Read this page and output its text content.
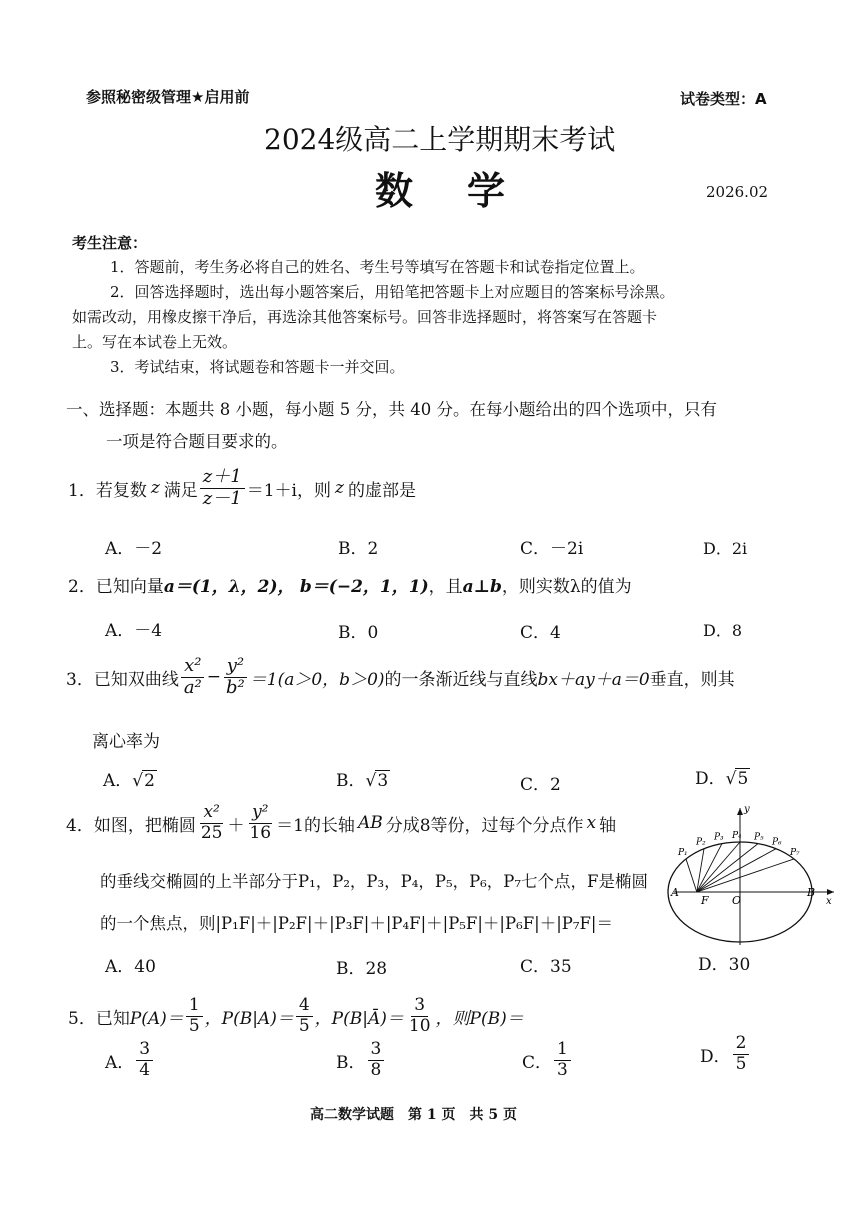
参照秘密级管理★启用前	试卷类型：A
2024级高二上学期期末考试
数　学	2026.02
考生注意：
1．答题前，考生务必将自己的姓名、考生号等填写在答题卡和试卷指定位置上。
2．回答选择题时，选出每小题答案后，用铅笔把答题卡上对应题目的答案标号涂黑。
如需改动，用橡皮擦干净后，再选涂其他答案标号。回答非选择题时，将答案写在答题卡
上。写在本试卷上无效。
3．考试结束，将试题卷和答题卡一并交回。
一、选择题：本题共 8 小题，每小题 5 分，共 40 分。在每小题给出的四个选项中，只有
一项是符合题目要求的。
1． 若复数 z 满足 $\frac{z+1}{z-1} =1+i$，则 z 的虚部是
A．－2	B．2	C．－2i	D．2i
2．已知向量a＝(1，λ，2)， b＝(−2，1，1)，且a⊥b，则实数λ的值为
A．－4	B．0	C．4	D．8
3．已知双曲线 $\frac{\text{x²}}{\text{a²}} - \frac{\text{y²}}{\text{b²}} =1(a>0$，b＞0) 的一条渐近线与直线 bx＋ay＋a＝0 垂直，则其
离心率为
A．√2	B．√3	C．2	D．√5
4．如图，把椭圆 $\frac{\text{x²}}{25} + \frac{\text{y²}}{16} =1$ 的长轴 AB 分成8等份，过每个分点作 x 轴
的垂线交椭圆的上半部分于P₁，P₂，P₃，P₄，P₅，P₆，P₇七个点，F是椭圆
的一个焦点，则|P₁F|＋|P₂F|＋|P₃F|＋|P₄F|＋|P₅F|＋|P₆F|＋|P₇F|＝
A．40	B．28	C．35	D．30
A
F O
B
x
y
P₁
P₂
P₃ P₄ P₅
P₆
P₇
5．已知 $P(A)= \frac{1}{5}$ ，$P(B|A)= \frac{4}{5}$ ，P(B|Ā)＝ $\frac{3}{10}$ ，则P(B)＝
A． $\frac{3}{4}$	B． $\frac{3}{8}$	C． $\frac{1}{3}$	D． $\frac{2}{5}$
高二数学试题　第 1 页　共 5 页
